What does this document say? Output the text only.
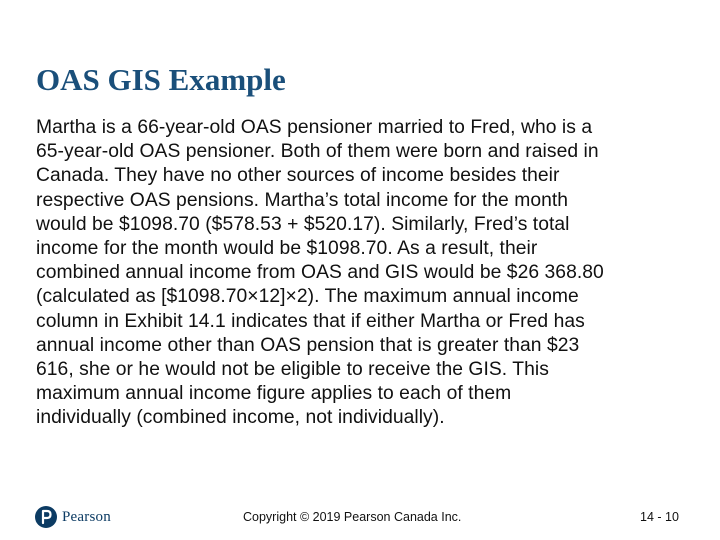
OAS GIS Example

Martha is a 66-year-old OAS pensioner married to Fred, who is a
65-year-old OAS pensioner. Both of them were born and raised in
Canada. They have no other sources of income besides their
respective OAS pensions. Martha’s total income for the month
would be $1098.70 ($578.53 + $520.17). Similarly, Fred’s total
income for the month would be $1098.70. As a result, their
combined annual income from OAS and GIS would be $26 368.80
(calculated as [$1098.70×12]×2). The maximum annual income
column in Exhibit 14.1 indicates that if either Martha or Fred has
annual income other than OAS pension that is greater than $23
616, she or he would not be eligible to receive the GIS. This
maximum annual income figure applies to each of them
individually (combined income, not individually).

Pearson	Copyright © 2019 Pearson Canada Inc.	14 - 10
